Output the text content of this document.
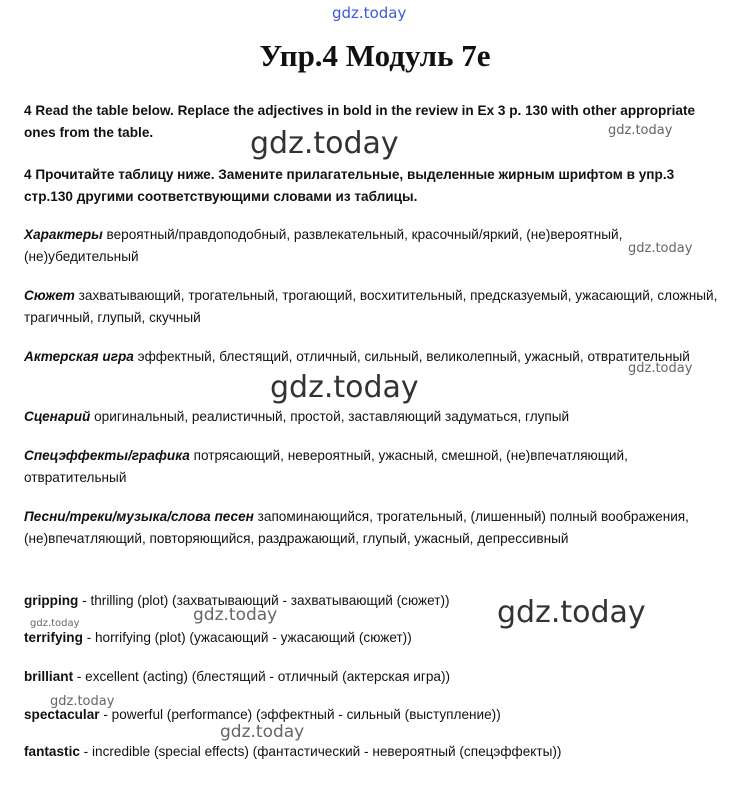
gdz.today
Упр.4 Модуль 7е
4 Read the table below. Replace the adjectives in bold in the review in Ex 3 p. 130 with other appropriate ones from the table.
4 Прочитайте таблицу ниже. Замените прилагательные, выделенные жирным шрифтом в упр.3 стр.130 другими соответствующими словами из таблицы.
Характеры вероятный/правдоподобный, развлекательный, красочный/яркий, (не)вероятный, (не)убедительный
Сюжет захватывающий, трогательный, трогающий, восхитительный, предсказуемый, ужасающий, сложный, трагичный, глупый, скучный
Актерская игра эффектный, блестящий, отличный, сильный, великолепный, ужасный, отвратительный
Сценарий оригинальный, реалистичный, простой, заставляющий задуматься, глупый
Спецэффекты/графика потрясающий, невероятный, ужасный, смешной, (не)впечатляющий, отвратительный
Песни/треки/музыка/слова песен запоминающийся, трогательный, (лишенный) полный воображения, (не)впечатляющий, повторяющийся, раздражающий, глупый, ужасный, депрессивный
gripping - thrilling (plot) (захватывающий - захватывающий (сюжет))
terrifying - horrifying (plot) (ужасающий - ужасающий (сюжет))
brilliant - excellent (acting) (блестящий - отличный (актерская игра))
spectacular - powerful (performance) (эффектный - сильный (выступление))
fantastic - incredible (special effects) (фантастический - невероятный (спецэффекты))
gdz.today	gdz.today
gdz.today
gdz.today
gdz.today
gdz.today
gdz.today
gdz.today
gdz.today
gdz.today
